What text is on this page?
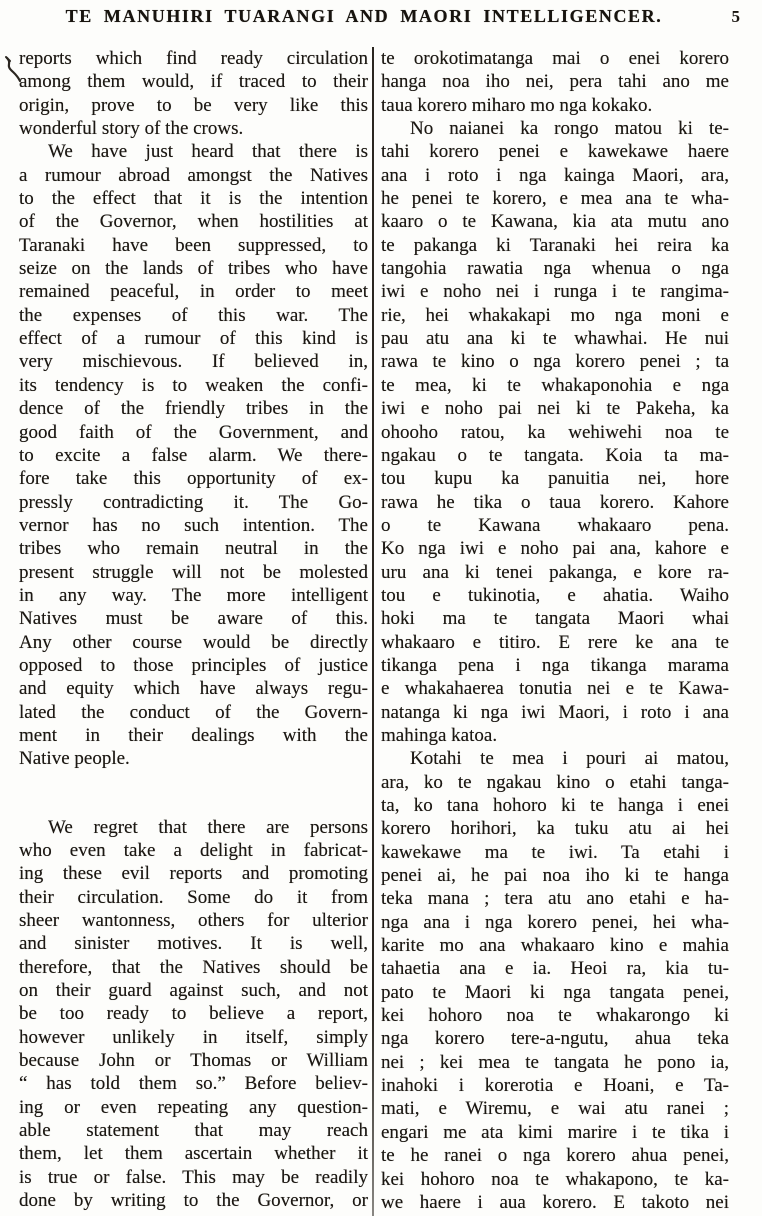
TE MANUHIRI TUARANGI AND MAORI INTELLIGENCER.	5
reports which find ready circulation
among them would, if traced to their
origin, prove to be very like this
wonderful story of the crows.
We have just heard that there is
a rumour abroad amongst the Natives
to the effect that it is the intention
of the Governor, when hostilities at
Taranaki have been suppressed, to
seize on the lands of tribes who have
remained peaceful, in order to meet
the expenses of this war. The
effect of a rumour of this kind is
very mischievous. If believed in,
its tendency is to weaken the confi-
dence of the friendly tribes in the
good faith of the Government, and
to excite a false alarm. We there-
fore take this opportunity of ex-
pressly contradicting it. The Go-
vernor has no such intention. The
tribes who remain neutral in the
present struggle will not be molested
in any way. The more intelligent
Natives must be aware of this.
Any other course would be directly
opposed to those principles of justice
and equity which have always regu-
lated the conduct of the Govern-
ment in their dealings with the
Native people.
We regret that there are persons
who even take a delight in fabricat-
ing these evil reports and promoting
their circulation. Some do it from
sheer wantonness, others for ulterior
and sinister motives. It is well,
therefore, that the Natives should be
on their guard against such, and not
be too ready to believe a report,
however unlikely in itself, simply
because John or Thomas or William
“ has told them so.” Before believ-
ing or even repeating any question-
able statement that may reach
them, let them ascertain whether it
is true or false. This may be readily
done by writing to the Governor, or
te orokotimatanga mai o enei korero
hanga noa iho nei, pera tahi ano me
taua korero miharo mo nga kokako.
No naianei ka rongo matou ki te-
tahi korero penei e kawekawe haere
ana i roto i nga kainga Maori, ara,
he penei te korero, e mea ana te wha-
kaaro o te Kawana, kia ata mutu ano
te pakanga ki Taranaki hei reira ka
tangohia rawatia nga whenua o nga
iwi e noho nei i runga i te rangima-
rie, hei whakakapi mo nga moni e
pau atu ana ki te whawhai. He nui
rawa te kino o nga korero penei ; ta
te mea, ki te whakaponohia e nga
iwi e noho pai nei ki te Pakeha, ka
ohooho ratou, ka wehiwehi noa te
ngakau o te tangata. Koia ta ma-
tou kupu ka panuitia nei, hore
rawa he tika o taua korero. Kahore
o te Kawana whakaaro pena.
Ko nga iwi e noho pai ana, kahore e
uru ana ki tenei pakanga, e kore ra-
tou e tukinotia, e ahatia. Waiho
hoki ma te tangata Maori whai
whakaaro e titiro. E rere ke ana te
tikanga pena i nga tikanga marama
e whakahaerea tonutia nei e te Kawa-
natanga ki nga iwi Maori, i roto i ana
mahinga katoa.
Kotahi te mea i pouri ai matou,
ara, ko te ngakau kino o etahi tanga-
ta, ko tana hohoro ki te hanga i enei
korero horihori, ka tuku atu ai hei
kawekawe ma te iwi. Ta etahi i
penei ai, he pai noa iho ki te hanga
teka mana ; tera atu ano etahi e ha-
nga ana i nga korero penei, hei wha-
karite mo ana whakaaro kino e mahia
tahaetia ana e ia. Heoi ra, kia tu-
pato te Maori ki nga tangata penei,
kei hohoro noa te whakarongo ki
nga korero tere-a-ngutu, ahua teka
nei ; kei mea te tangata he pono ia,
inahoki i korerotia e Hoani, e Ta-
mati, e Wiremu, e wai atu ranei ;
engari me ata kimi marire i te tika i
te he ranei o nga korero ahua penei,
kei hohoro noa te whakapono, te ka-
we haere i aua korero. E takoto nei
